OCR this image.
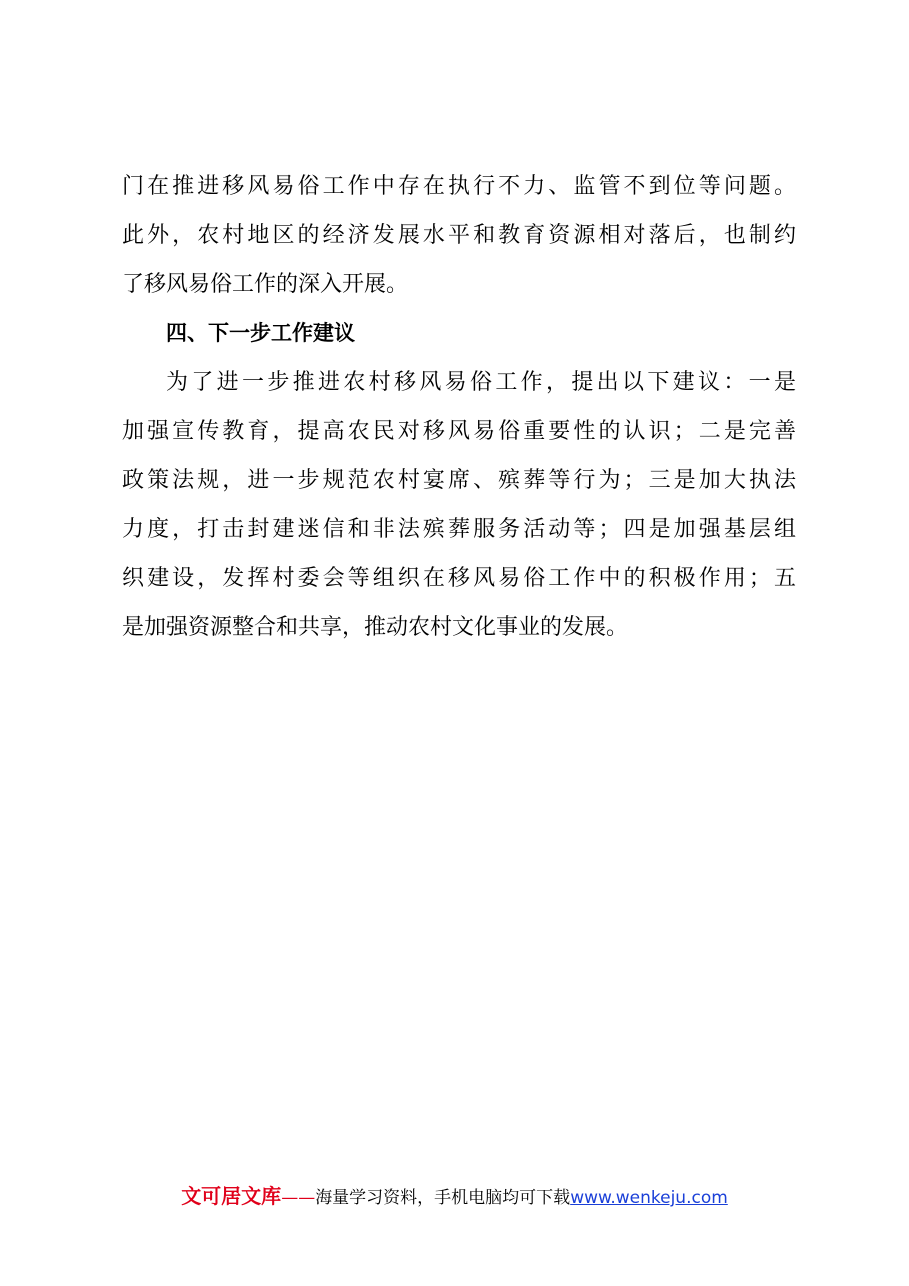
门在推进移风易俗工作中存在执行不力、监管不到位等问题。
此外，农村地区的经济发展水平和教育资源相对落后，也制约
了移风易俗工作的深入开展。
四、下一步工作建议
为了进一步推进农村移风易俗工作，提出以下建议：一是
加强宣传教育，提高农民对移风易俗重要性的认识；二是完善
政策法规，进一步规范农村宴席、殡葬等行为；三是加大执法
力度，打击封建迷信和非法殡葬服务活动等；四是加强基层组
织建设，发挥村委会等组织在移风易俗工作中的积极作用；五
是加强资源整合和共享，推动农村文化事业的发展。
文可居文库——海量学习资料，手机电脑均可下载www.wenkeju.com
